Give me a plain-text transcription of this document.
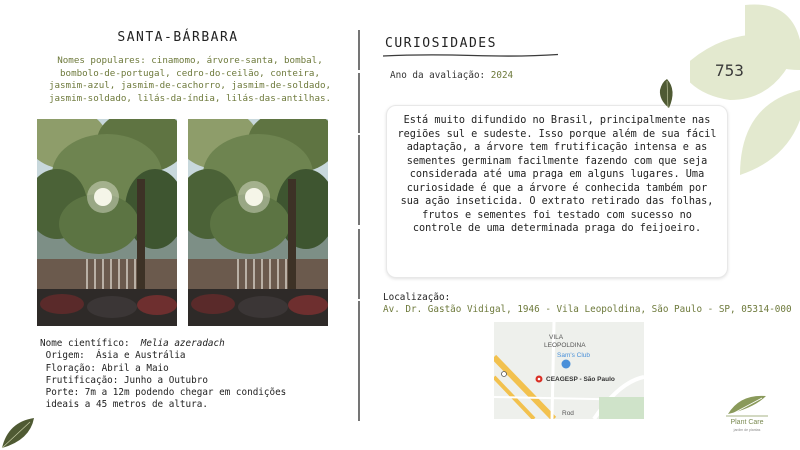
SANTA-BÁRBARA
Nomes populares: cinamomo, árvore-santa, bombal,
bombolo-de-portugal, cedro-do-ceilão, conteira,
jasmim-azul, jasmim-de-cachorro, jasmim-de-soldado,
jasmim-soldado, lilás-da-índia, lilás-das-antilhas.
Nome científico:  Melia azeradach
Origem:  Ásia e Austrália
Floração: Abril a Maio
Frutificação: Junho a Outubro
Porte: 7m a 12m podendo chegar em condições
ideais a 45 metros de altura.
CURIOSIDADES
Ano da avaliação: 2024

Está muito difundido no Brasil, principalmente nas regiões sul e sudeste. Isso porque além de sua fácil adaptação, a árvore tem frutificação intensa e as sementes germinam facilmente fazendo com que seja considerada até uma praga em alguns lugares. Uma curiosidade é que a árvore é conhecida também por sua ação inseticida. O extrato retirado das folhas, frutos e sementes foi testado com sucesso no controle de uma determinada praga do feijoeiro.

Localização:
Av. Dr. Gastão Vidigal, 1946 - Vila Leopoldina, São Paulo - SP, 05314-000
VILA
LEOPOLDINA
Sam's Club
CEAGESP - São Paulo
Rod
753
Plant Care
jardim de plantas
